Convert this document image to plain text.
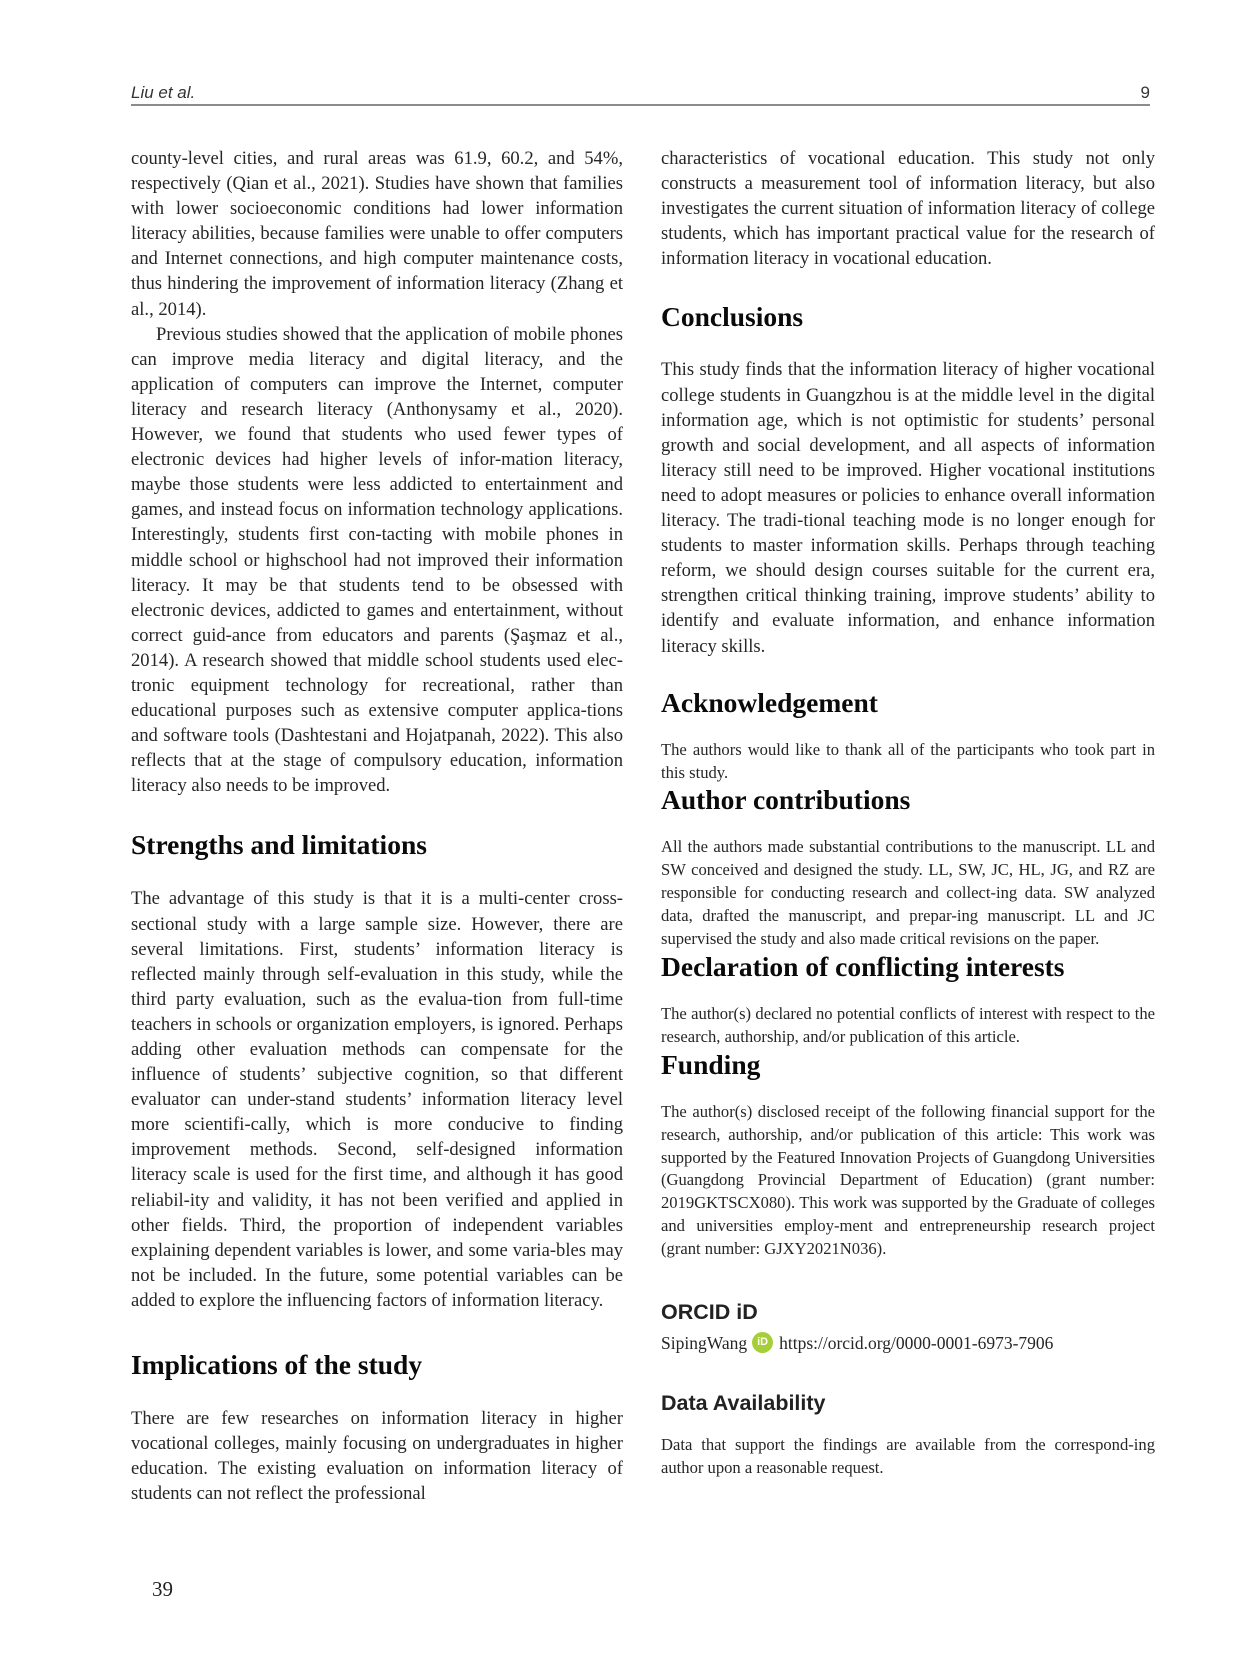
Liu et al.	9

county-level cities, and rural areas was 61.9, 60.2, and 54%, respectively (Qian et al., 2021). Studies have shown that families with lower socioeconomic conditions had lower information literacy abilities, because families were unable to offer computers and Internet connections, and high computer maintenance costs, thus hindering the improvement of information literacy (Zhang et al., 2014).

Previous studies showed that the application of mobile phones can improve media literacy and digital literacy, and the application of computers can improve the Internet, computer literacy and research literacy (Anthonysamy et al., 2020). However, we found that students who used fewer types of electronic devices had higher levels of infor-mation literacy, maybe those students were less addicted to entertainment and games, and instead focus on information technology applications. Interestingly, students first con-tacting with mobile phones in middle school or highschool had not improved their information literacy. It may be that students tend to be obsessed with electronic devices, addicted to games and entertainment, without correct guid-ance from educators and parents (Şaşmaz et al., 2014). A research showed that middle school students used elec-tronic equipment technology for recreational, rather than educational purposes such as extensive computer applica-tions and software tools (Dashtestani and Hojatpanah, 2022). This also reflects that at the stage of compulsory education, information literacy also needs to be improved.

Strengths and limitations

The advantage of this study is that it is a multi-center cross-sectional study with a large sample size. However, there are several limitations. First, students’ information literacy is reflected mainly through self-evaluation in this study, while the third party evaluation, such as the evalua-tion from full-time teachers in schools or organization employers, is ignored. Perhaps adding other evaluation methods can compensate for the influence of students’ subjective cognition, so that different evaluator can under-stand students’ information literacy level more scientifi-cally, which is more conducive to finding improvement methods. Second, self-designed information literacy scale is used for the first time, and although it has good reliabil-ity and validity, it has not been verified and applied in other fields. Third, the proportion of independent variables explaining dependent variables is lower, and some varia-bles may not be included. In the future, some potential variables can be added to explore the influencing factors of information literacy.

Implications of the study

There are few researches on information literacy in higher vocational colleges, mainly focusing on undergraduates in higher education. The existing evaluation on information literacy of students can not reflect the professional

characteristics of vocational education. This study not only constructs a measurement tool of information literacy, but also investigates the current situation of information literacy of college students, which has important practical value for the research of information literacy in vocational education.

Conclusions

This study finds that the information literacy of higher vocational college students in Guangzhou is at the middle level in the digital information age, which is not optimistic for students’ personal growth and social development, and all aspects of information literacy still need to be improved. Higher vocational institutions need to adopt measures or policies to enhance overall information literacy. The tradi-tional teaching mode is no longer enough for students to master information skills. Perhaps through teaching reform, we should design courses suitable for the current era, strengthen critical thinking training, improve students’ ability to identify and evaluate information, and enhance information literacy skills.

Acknowledgement

The authors would like to thank all of the participants who took part in this study.

Author contributions

All the authors made substantial contributions to the manuscript. LL and SW conceived and designed the study. LL, SW, JC, HL, JG, and RZ are responsible for conducting research and collect-ing data. SW analyzed data, drafted the manuscript, and prepar-ing manuscript. LL and JC supervised the study and also made critical revisions on the paper.

Declaration of conflicting interests

The author(s) declared no potential conflicts of interest with respect to the research, authorship, and/or publication of this article.

Funding

The author(s) disclosed receipt of the following financial support for the research, authorship, and/or publication of this article: This work was supported by the Featured Innovation Projects of Guangdong Universities (Guangdong Provincial Department of Education) (grant number: 2019GKTSCX080). This work was supported by the Graduate of colleges and universities employ-ment and entrepreneurship research project (grant number: GJXY2021N036).

ORCID iD
SipingWang iD https://orcid.org/0000-0001-6973-7906
Data Availability

Data that support the findings are available from the correspond-ing author upon a reasonable request.

39
